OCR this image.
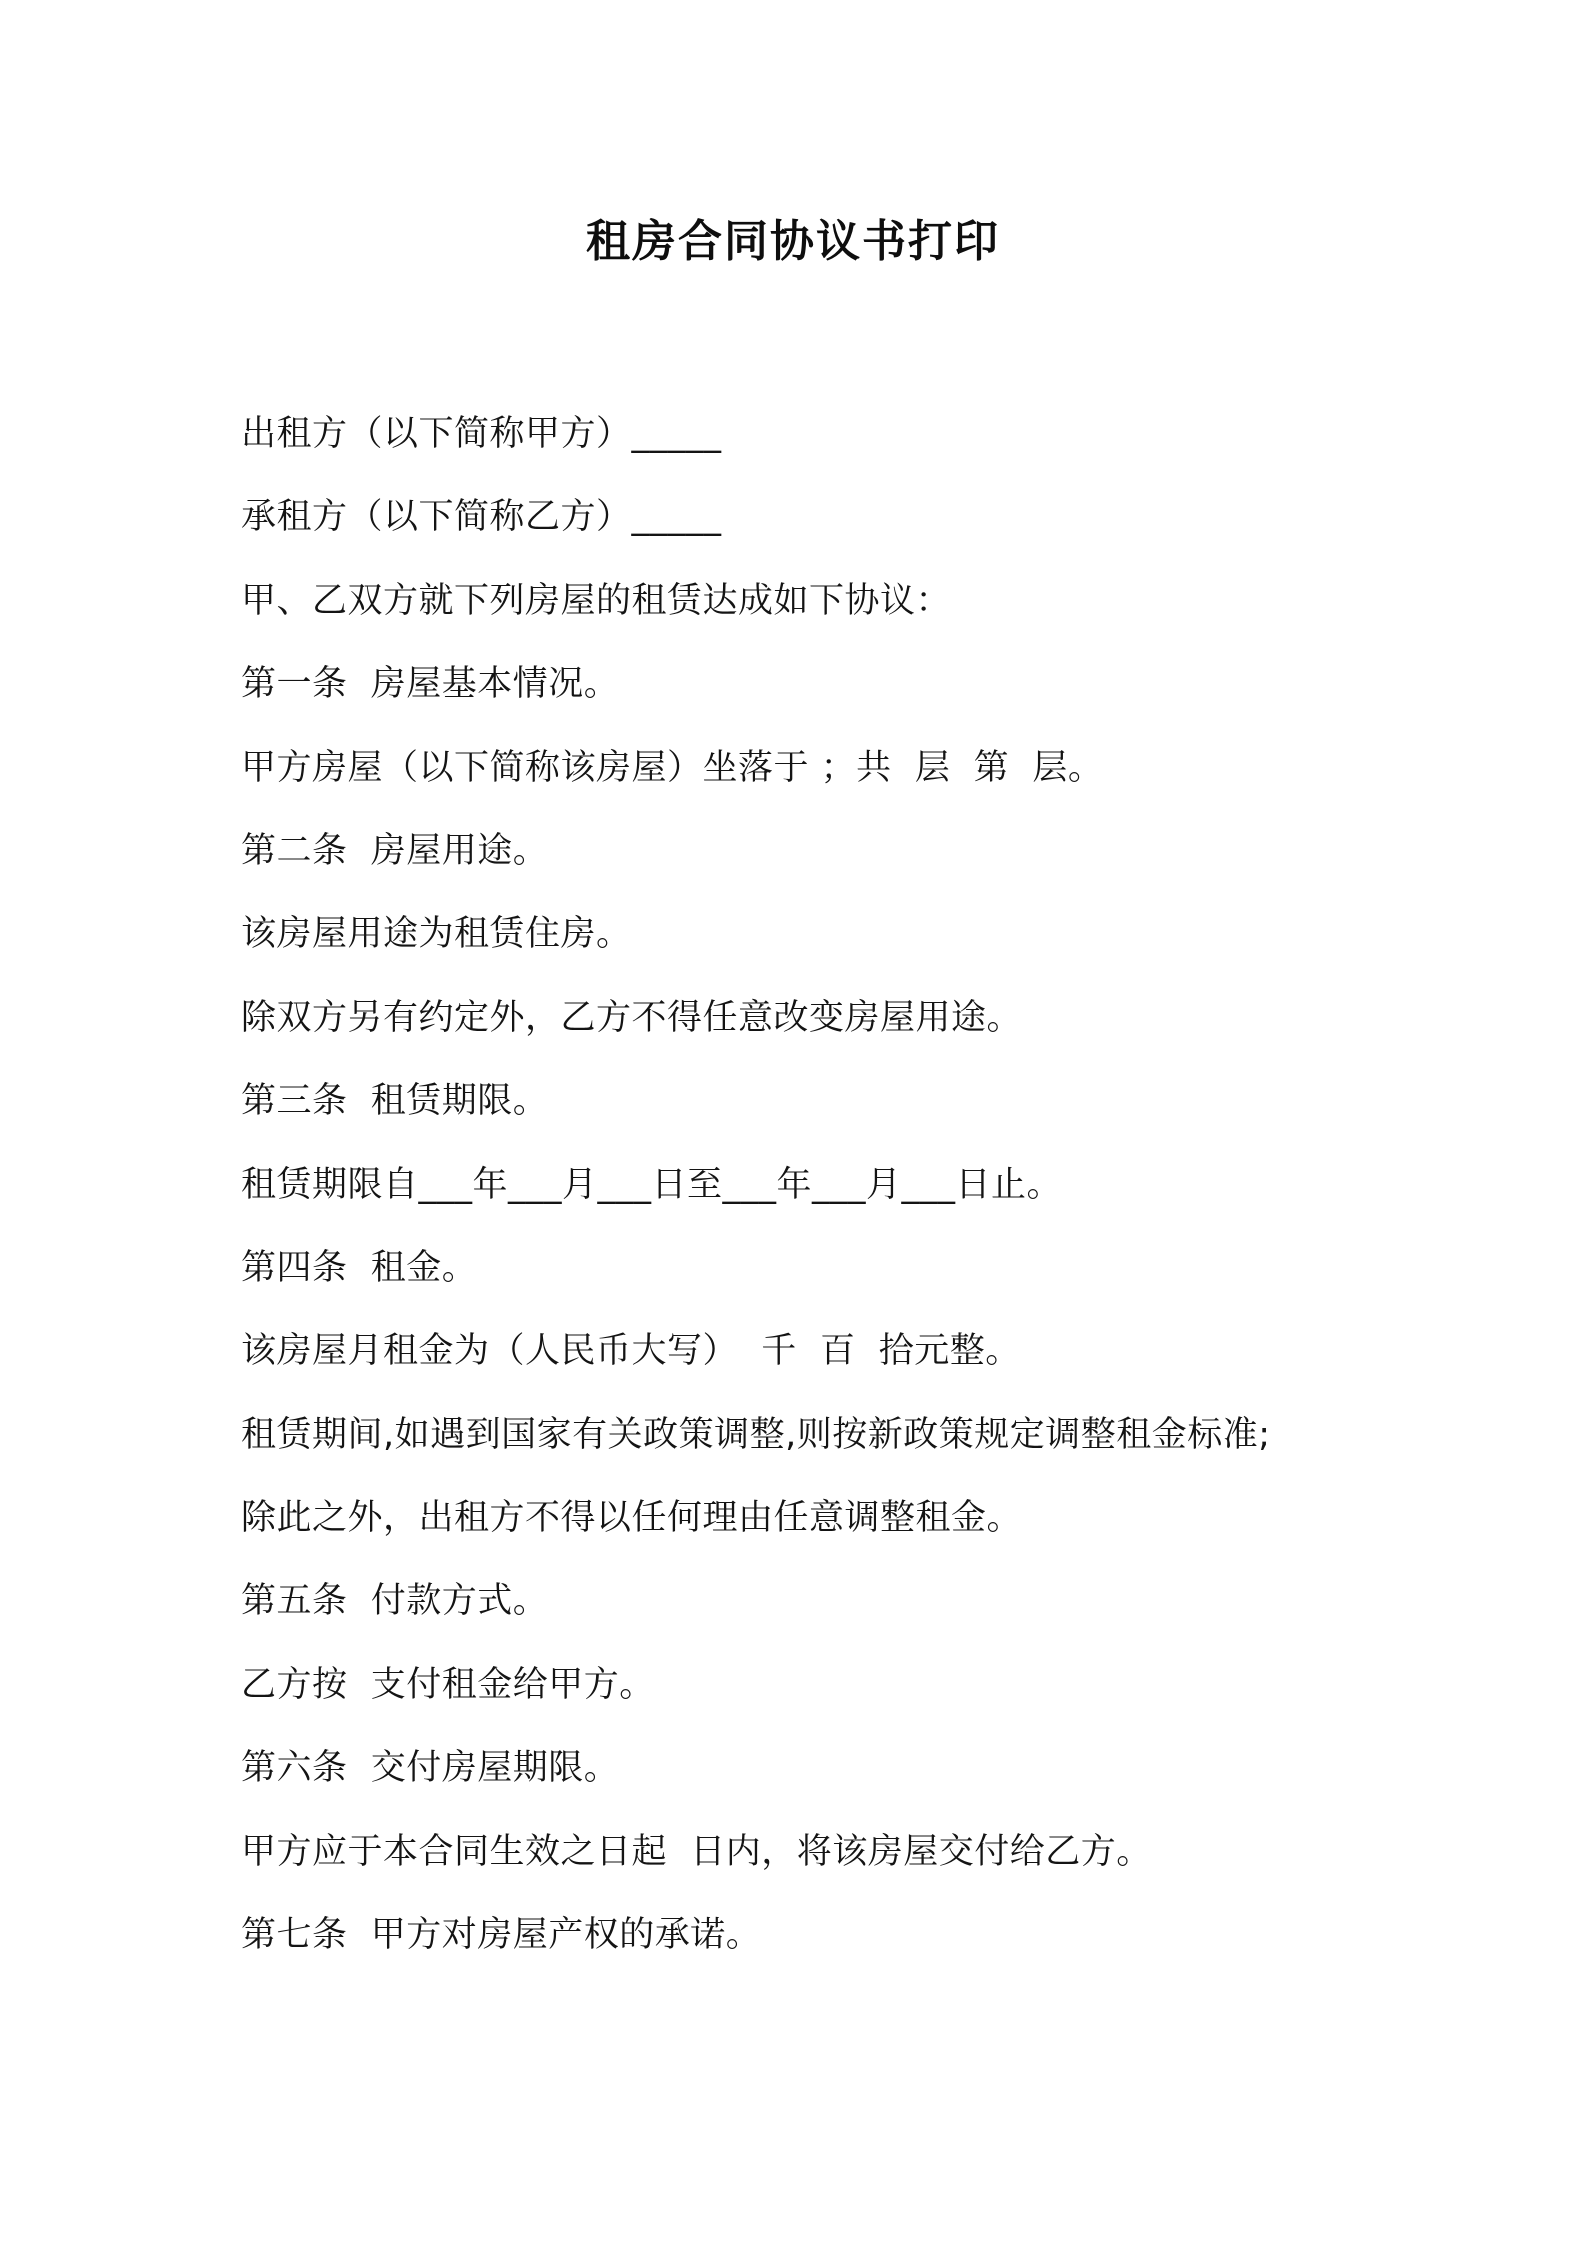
租房合同协议书打印
出租方（以下简称甲方）_____
承租方（以下简称乙方）_____
甲、乙双方就下列房屋的租赁达成如下协议：
第一条  房屋基本情况。
甲方房屋（以下简称该房屋）坐落于 ；共  层  第  层。
第二条  房屋用途。
该房屋用途为租赁住房。
除双方另有约定外，乙方不得任意改变房屋用途。
第三条  租赁期限。
租赁期限自___年___月___日至___年___月___日止。
第四条  租金。
该房屋月租金为（人民币大写）  千  百  拾元整。
租赁期间,如遇到国家有关政策调整,则按新政策规定调整租金标准;
除此之外，出租方不得以任何理由任意调整租金。
第五条  付款方式。
乙方按  支付租金给甲方。
第六条  交付房屋期限。
甲方应于本合同生效之日起  日内，将该房屋交付给乙方。
第七条  甲方对房屋产权的承诺。
